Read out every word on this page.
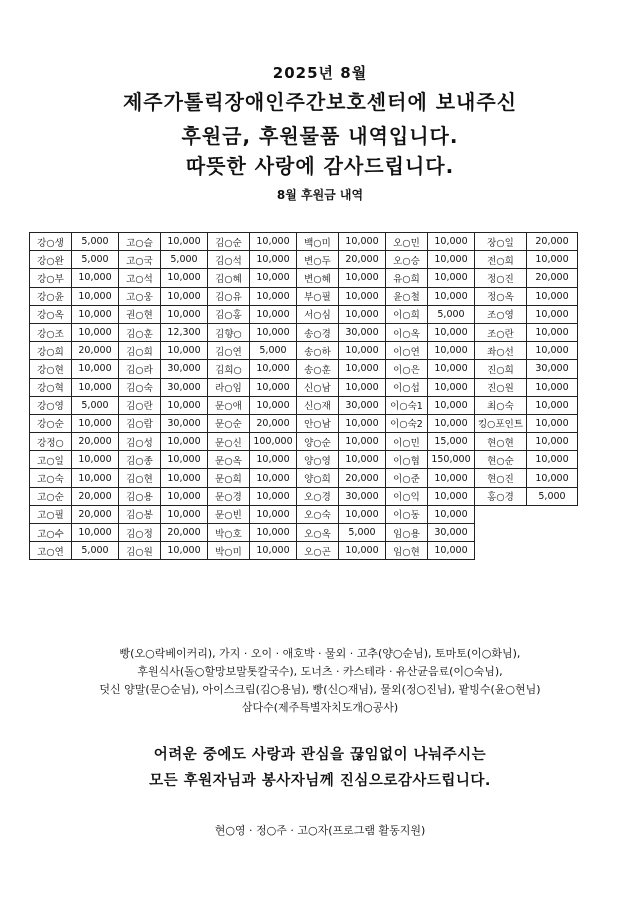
2025년 8월
제주가톨릭장애인주간보호센터에 보내주신
후원금, 후원물품 내역입니다.
따뜻한 사랑에 감사드립니다.
8월 후원금 내역
강○생	5,000	고○슬	10,000	김○순	10,000	백○미	10,000	오○민	10,000	장○일	20,000
강○완	5,000	고○국	5,000	김○석	10,000	변○두	20,000	오○승	10,000	전○희	10,000
강○부	10,000	고○석	10,000	김○혜	10,000	변○혜	10,000	유○희	10,000	정○진	20,000
강○윤	10,000	고○웅	10,000	김○유	10,000	부○필	10,000	윤○철	10,000	정○옥	10,000
강○옥	10,000	권○현	10,000	김○홍	10,000	서○심	10,000	이○희	5,000	조○영	10,000
강○조	10,000	김○훈	12,300	김향○	10,000	송○경	30,000	이○옥	10,000	조○란	10,000
강○희	20,000	김○희	10,000	김○연	5,000	송○하	10,000	이○연	10,000	좌○선	10,000
강○현	10,000	김○라	30,000	김희○	10,000	송○훈	10,000	이○은	10,000	진○희	30,000
강○혁	10,000	김○숙	30,000	라○임	10,000	신○남	10,000	이○섭	10,000	진○원	10,000
강○영	5,000	김○란	10,000	문○애	10,000	신○재	30,000	이○숙1	10,000	최○숙	10,000
강○순	10,000	김○람	30,000	문○순	20,000	안○남	10,000	이○숙2	10,000	킹○포인트	10,000
강정○	20,000	김○성	10,000	문○신	100,000	양○순	10,000	이○민	15,000	현○현	10,000
고○일	10,000	김○종	10,000	문○옥	10,000	양○영	10,000	이○협	150,000	현○순	10,000
고○숙	10,000	김○현	10,000	문○희	10,000	양○희	20,000	이○준	10,000	현○진	10,000
고○순	20,000	김○용	10,000	문○경	10,000	오○경	30,000	이○익	10,000	홍○경	5,000
고○필	20,000	김○봉	10,000	문○빈	10,000	오○숙	10,000	이○동	10,000		
고○수	10,000	김○정	20,000	박○호	10,000	오○옥	5,000	임○용	30,000		
고○연	5,000	김○원	10,000	박○미	10,000	오○곤	10,000	임○현	10,000		
빵(오○락베이커리), 가지 · 오이 · 애호박 · 물외 · 고추(양○순님), 토마토(이○화님),
후원식사(돌○할망보말톳칼국수), 도너츠 · 카스테라 · 유산균음료(이○숙님),
덧신 양말(문○순님), 아이스크림(김○용님), 빵(신○재님), 물외(정○진님), 팥빙수(윤○현님)
삼다수(제주특별자치도개○공사)
어려운 중에도 사랑과 관심을 끊임없이 나눠주시는
모든 후원자님과 봉사자님께 진심으로감사드립니다.
현○영 · 정○주 · 고○자(프로그램 활동지원)
